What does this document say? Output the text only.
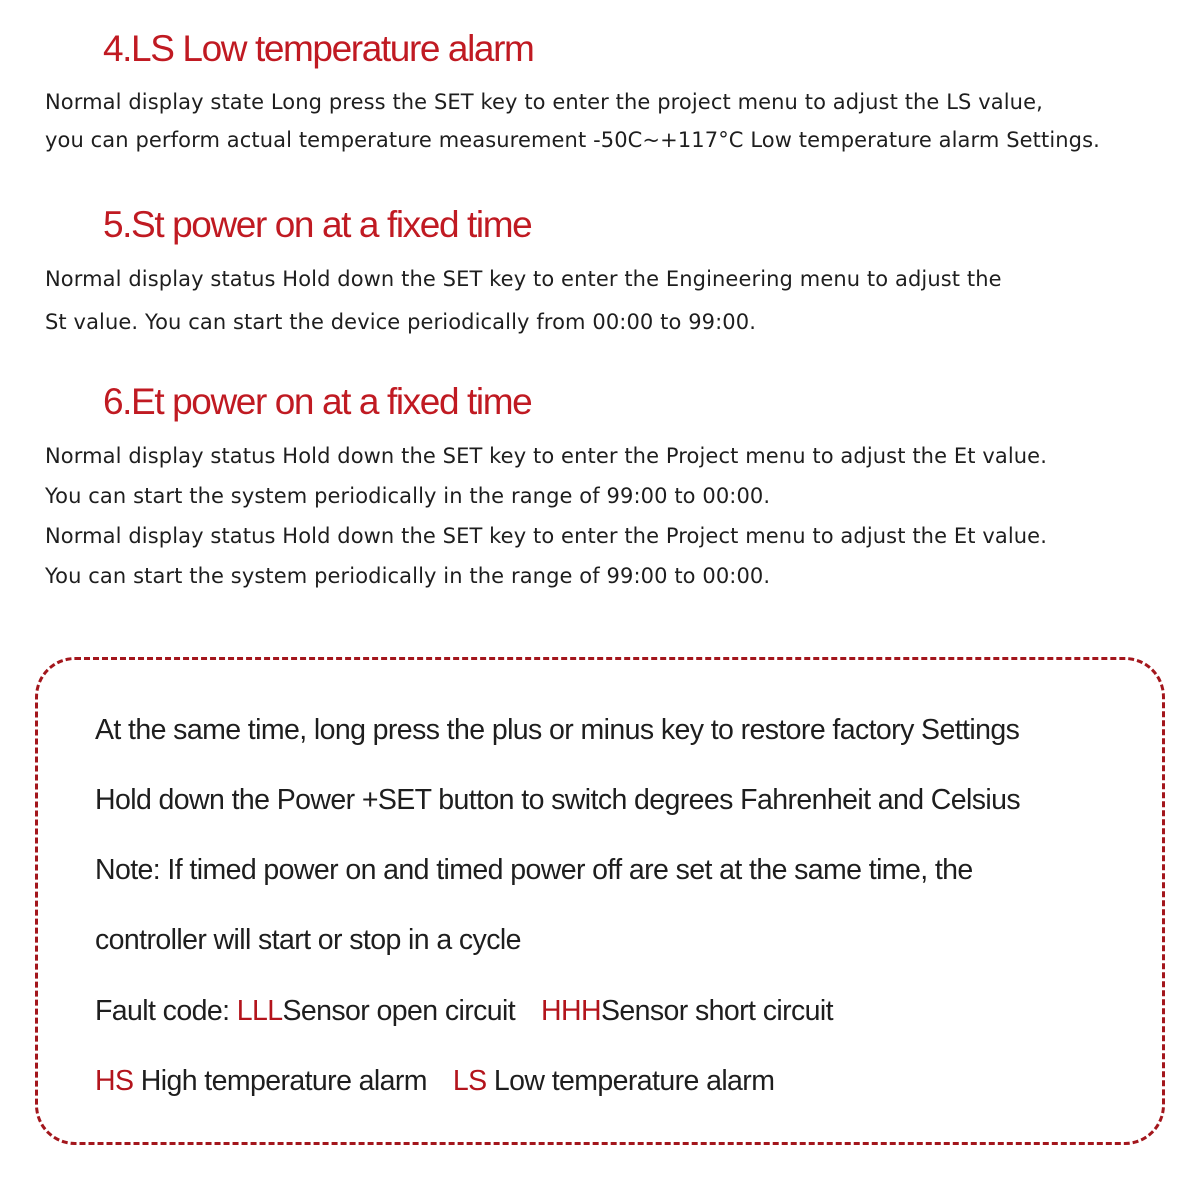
4.LS Low temperature alarm

Normal display state Long press the SET key to enter the project menu to adjust the LS value,

you can perform actual temperature measurement -50C~+117°C Low temperature alarm Settings.

5.St power on at a fixed time

Normal display status Hold down the SET key to enter the Engineering menu to adjust the

St value. You can start the device periodically from 00:00 to 99:00.

6.Et power on at a fixed time

Normal display status Hold down the SET key to enter the Project menu to adjust the Et value.

You can start the system periodically in the range of 99:00 to 00:00.

Normal display status Hold down the SET key to enter the Project menu to adjust the Et value.

You can start the system periodically in the range of 99:00 to 00:00.

At the same time, long press the plus or minus key to restore factory Settings

Hold down the Power +SET button to switch degrees Fahrenheit and Celsius

Note: If timed power on and timed power off are set at the same time, the

controller will start or stop in a cycle

Fault code: LLLSensor open circuit HHHSensor short circuit

HS High temperature alarm LS Low temperature alarm
